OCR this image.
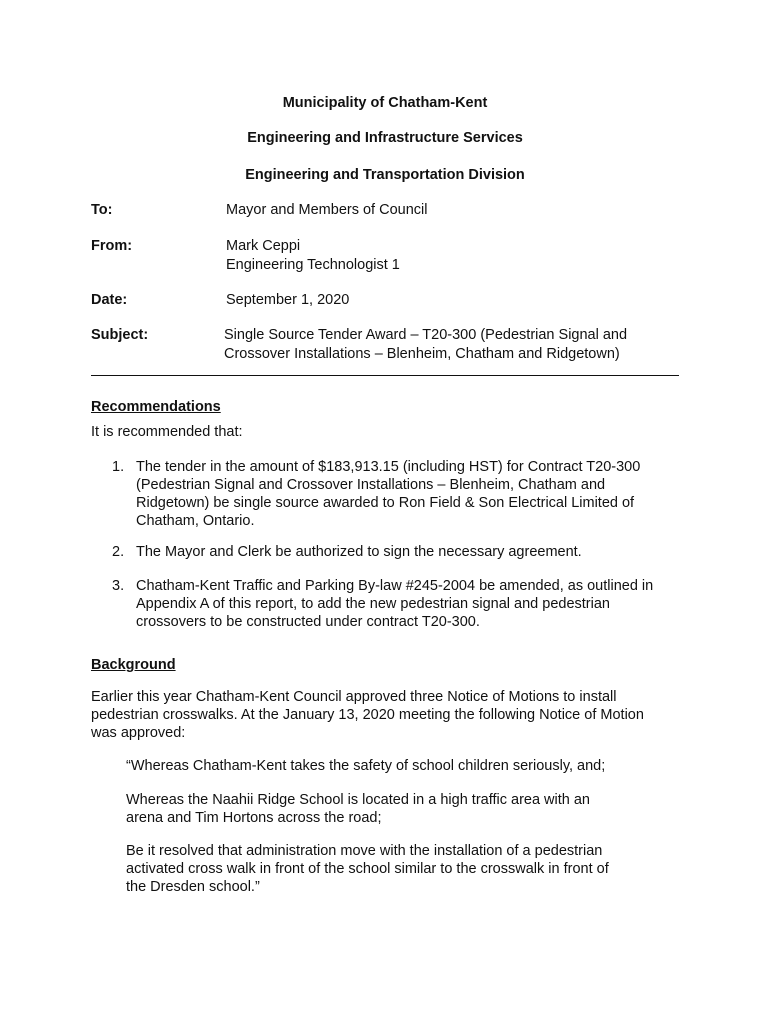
Municipality of Chatham-Kent
Engineering and Infrastructure Services
Engineering and Transportation Division
To:	Mayor and Members of Council
From:	Mark Ceppi
Engineering Technologist 1
Date:	September 1, 2020
Subject:	Single Source Tender Award – T20-300 (Pedestrian Signal and
Crossover Installations – Blenheim, Chatham and Ridgetown)
Recommendations
It is recommended that:
1. The tender in the amount of $183,913.15 (including HST) for Contract T20-300
(Pedestrian Signal and Crossover Installations – Blenheim, Chatham and
Ridgetown) be single source awarded to Ron Field & Son Electrical Limited of
Chatham, Ontario.
2. The Mayor and Clerk be authorized to sign the necessary agreement.
3. Chatham-Kent Traffic and Parking By-law #245-2004 be amended, as outlined in
Appendix A of this report, to add the new pedestrian signal and pedestrian
crossovers to be constructed under contract T20-300.
Background
Earlier this year Chatham-Kent Council approved three Notice of Motions to install
pedestrian crosswalks. At the January 13, 2020 meeting the following Notice of Motion
was approved:
“Whereas Chatham-Kent takes the safety of school children seriously, and;
Whereas the Naahii Ridge School is located in a high traffic area with an
arena and Tim Hortons across the road;
Be it resolved that administration move with the installation of a pedestrian
activated cross walk in front of the school similar to the crosswalk in front of
the Dresden school.”
